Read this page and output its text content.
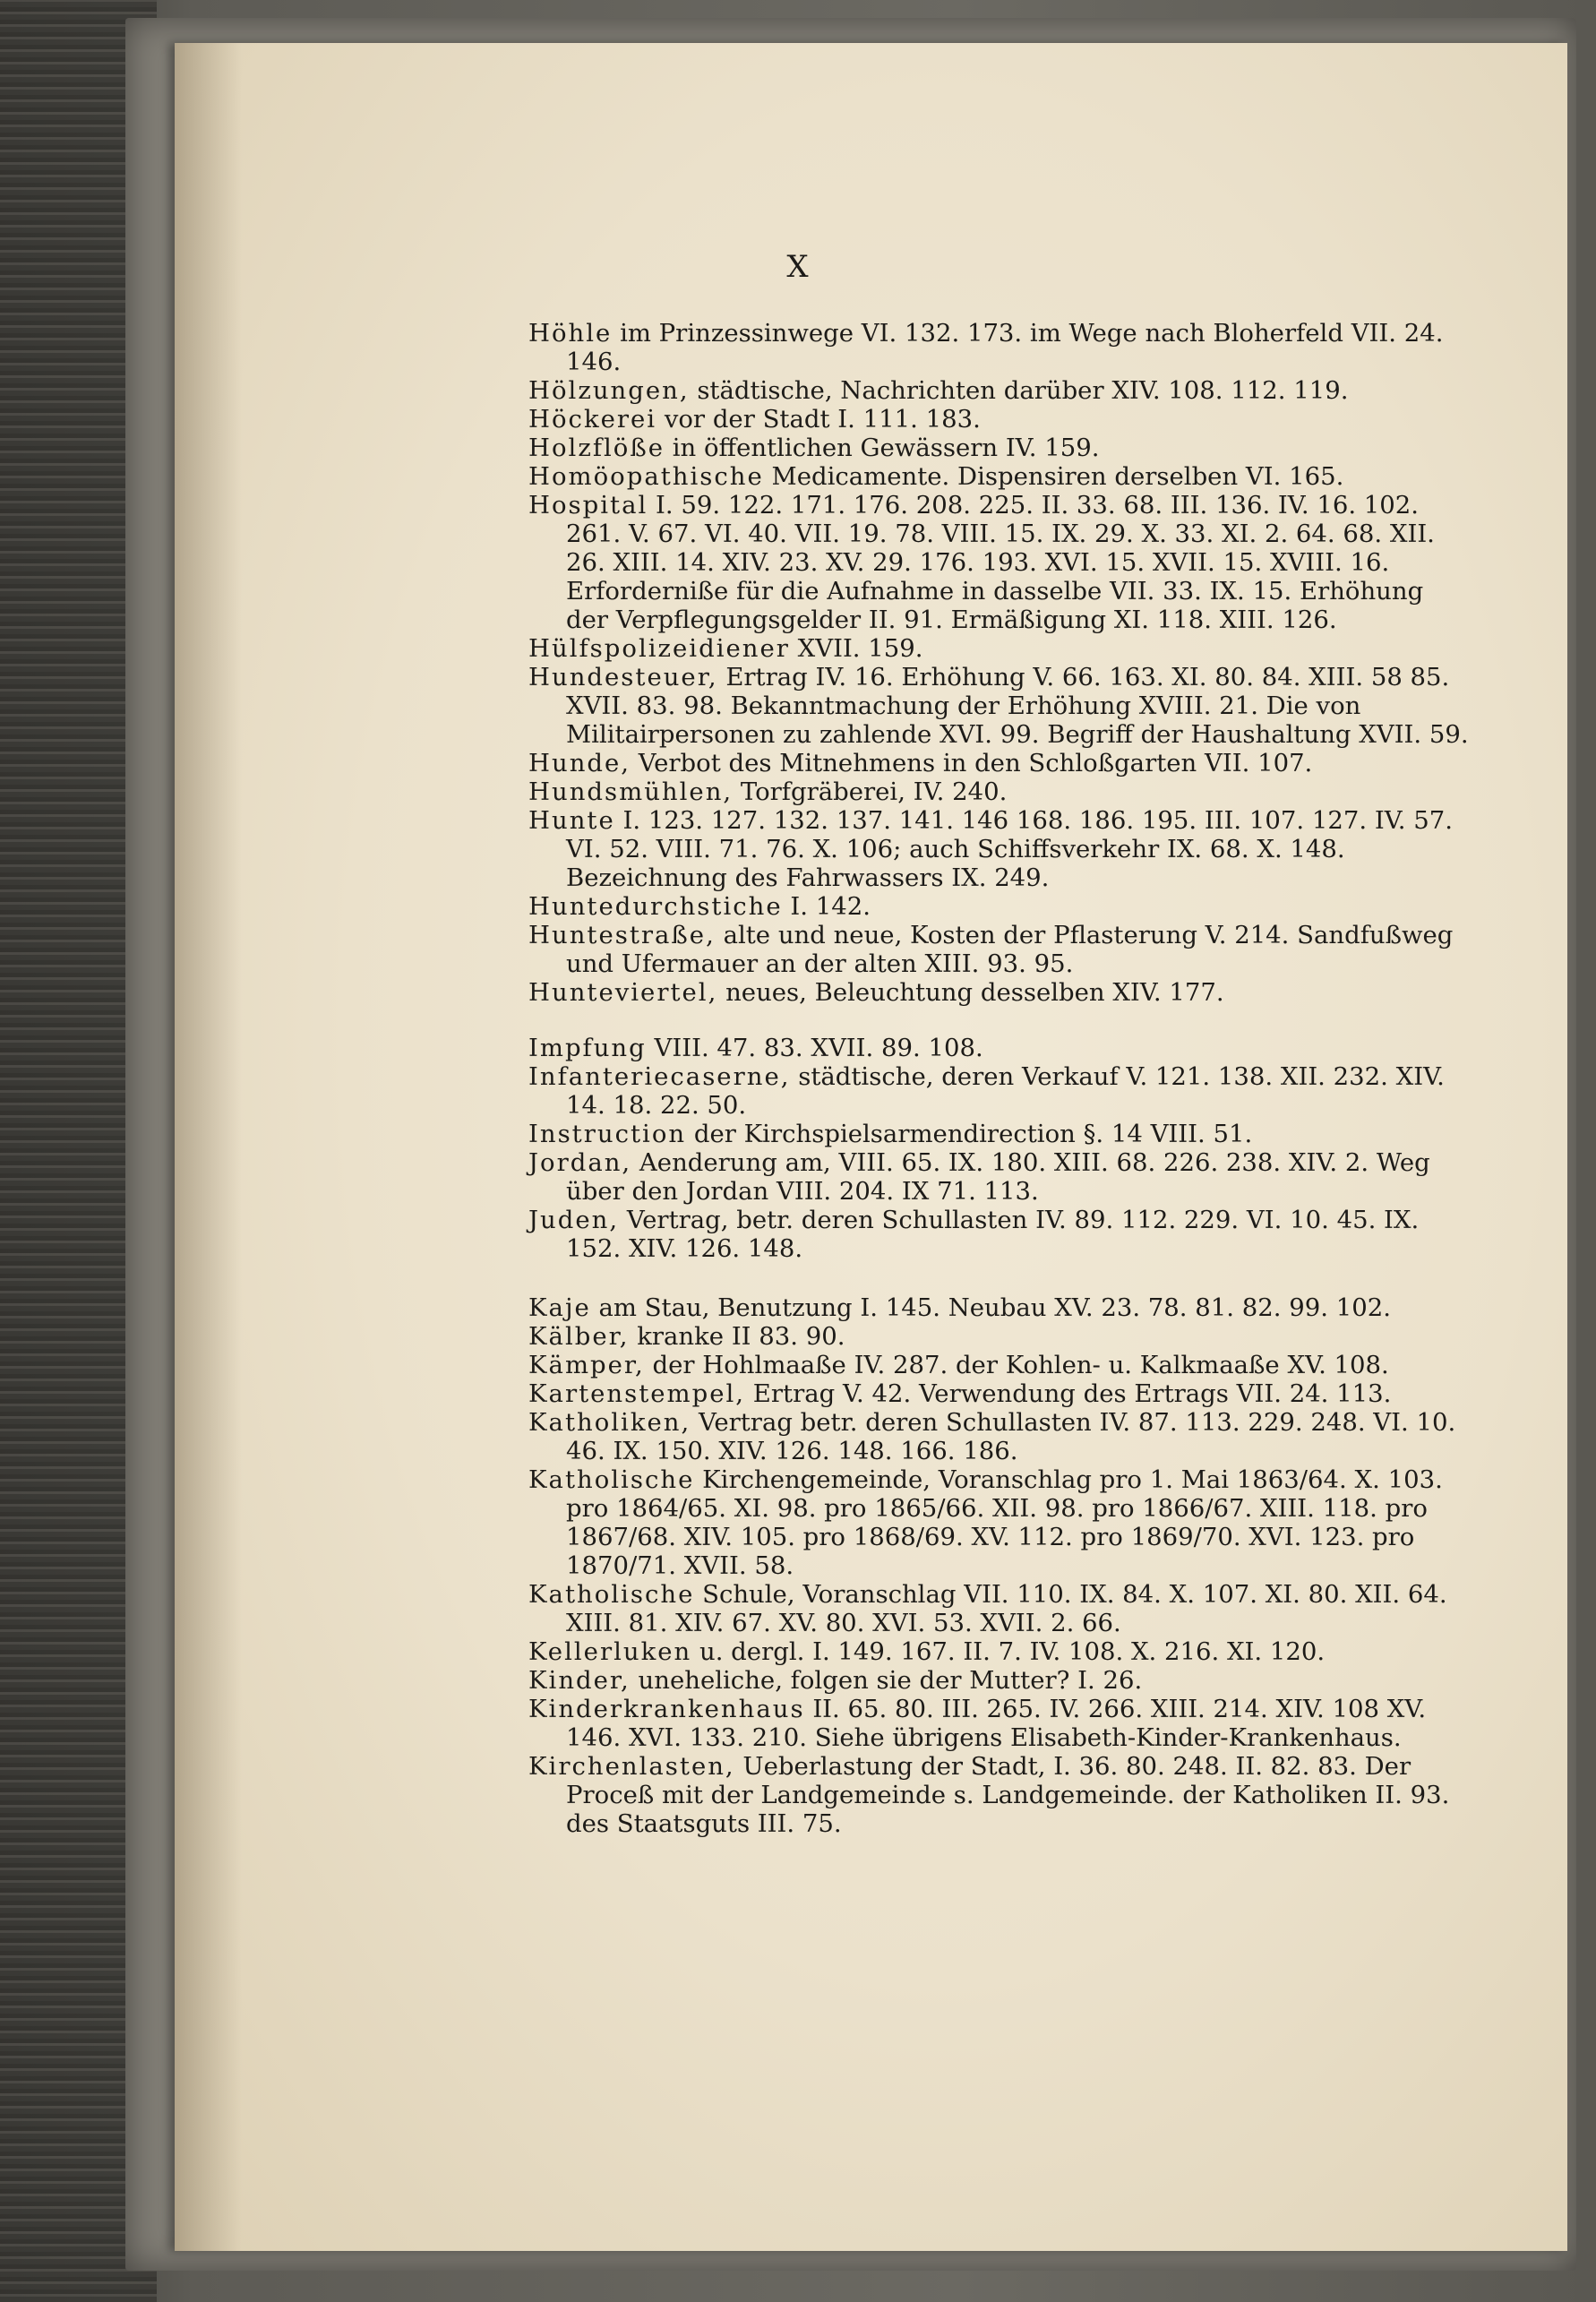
X

Höhle im Prinzessinwege VI. 132. 173. im Wege nach Bloherfeld VII. 24. 146.

Hölzungen, städtische, Nachrichten darüber XIV. 108. 112. 119.

Höckerei vor der Stadt I. 111. 183.

Holzflöße in öffentlichen Gewässern IV. 159.

Homöopathische Medicamente. Dispensiren derselben VI. 165.

Hospital I. 59. 122. 171. 176. 208. 225. II. 33. 68. III. 136. IV. 16. 102. 261. V. 67. VI. 40. VII. 19. 78. VIII. 15. IX. 29. X. 33. XI. 2. 64. 68. XII. 26. XIII. 14. XIV. 23. XV. 29. 176. 193. XVI. 15. XVII. 15. XVIII. 16. Erforderniße für die Aufnahme in dasselbe VII. 33. IX. 15. Erhöhung der Verpflegungsgelder II. 91. Ermäßigung XI. 118. XIII. 126.

Hülfspolizeidiener XVII. 159.

Hundesteuer, Ertrag IV. 16. Erhöhung V. 66. 163. XI. 80. 84. XIII. 58 85. XVII. 83. 98. Bekanntmachung der Erhöhung XVIII. 21. Die von Militairpersonen zu zahlende XVI. 99. Begriff der Haushaltung XVII. 59.

Hunde, Verbot des Mitnehmens in den Schloßgarten VII. 107.

Hundsmühlen, Torfgräberei, IV. 240.

Hunte I. 123. 127. 132. 137. 141. 146 168. 186. 195. III. 107. 127. IV. 57. VI. 52. VIII. 71. 76. X. 106; auch Schiffsverkehr IX. 68. X. 148. Bezeichnung des Fahrwassers IX. 249.

Huntedurchstiche I. 142.

Huntestraße, alte und neue, Kosten der Pflasterung V. 214. Sandfußweg und Ufermauer an der alten XIII. 93. 95.

Hunteviertel, neues, Beleuchtung desselben XIV. 177.

Impfung VIII. 47. 83. XVII. 89. 108.

Infanteriecaserne, städtische, deren Verkauf V. 121. 138. XII. 232. XIV. 14. 18. 22. 50.

Instruction der Kirchspielsarmendirection §. 14 VIII. 51.

Jordan, Aenderung am, VIII. 65. IX. 180. XIII. 68. 226. 238. XIV. 2. Weg über den Jordan VIII. 204. IX 71. 113.

Juden, Vertrag, betr. deren Schullasten IV. 89. 112. 229. VI. 10. 45. IX. 152. XIV. 126. 148.

Kaje am Stau, Benutzung I. 145. Neubau XV. 23. 78. 81. 82. 99. 102.

Kälber, kranke II 83. 90.

Kämper, der Hohlmaaße IV. 287. der Kohlen- u. Kalkmaaße XV. 108.

Kartenstempel, Ertrag V. 42. Verwendung des Ertrags VII. 24. 113.

Katholiken, Vertrag betr. deren Schullasten IV. 87. 113. 229. 248. VI. 10. 46. IX. 150. XIV. 126. 148. 166. 186.

Katholische Kirchengemeinde, Voranschlag pro 1. Mai 1863/64. X. 103. pro 1864/65. XI. 98. pro 1865/66. XII. 98. pro 1866/67. XIII. 118. pro 1867/68. XIV. 105. pro 1868/69. XV. 112. pro 1869/70. XVI. 123. pro 1870/71. XVII. 58.

Katholische Schule, Voranschlag VII. 110. IX. 84. X. 107. XI. 80. XII. 64. XIII. 81. XIV. 67. XV. 80. XVI. 53. XVII. 2. 66.

Kellerluken u. dergl. I. 149. 167. II. 7. IV. 108. X. 216. XI. 120.

Kinder, uneheliche, folgen sie der Mutter? I. 26.

Kinderkrankenhaus II. 65. 80. III. 265. IV. 266. XIII. 214. XIV. 108 XV. 146. XVI. 133. 210. Siehe übrigens Elisabeth-Kinder-Krankenhaus.

Kirchenlasten, Ueberlastung der Stadt, I. 36. 80. 248. II. 82. 83. Der Proceß mit der Landgemeinde s. Landgemeinde. der Katholiken II. 93. des Staatsguts III. 75.
